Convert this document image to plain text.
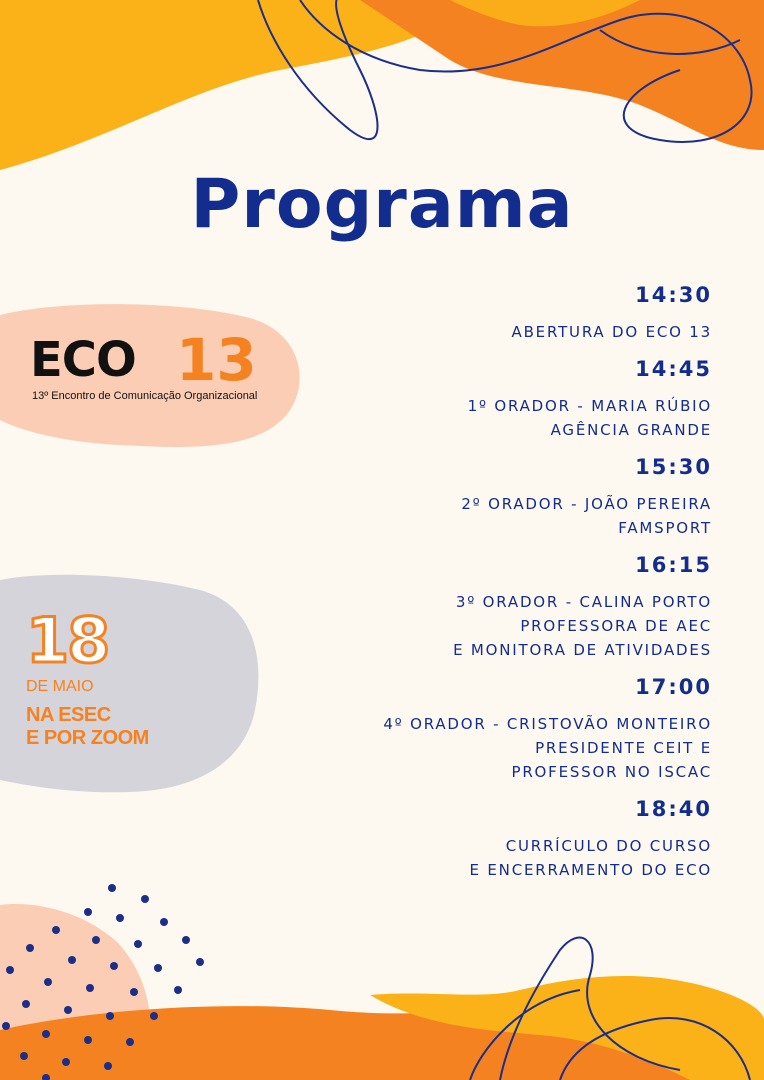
Programa
ECO 13
13º Encontro de Comunicação Organizacional
18
DE MAIO
NA ESEC
E POR ZOOM
14:30
ABERTURA DO ECO 13
14:45
1º ORADOR - MARIA RÚBIO
AGÊNCIA GRANDE
15:30
2º ORADOR - JOÃO PEREIRA
FAMSPORT
16:15
3º ORADOR - CALINA PORTO
PROFESSORA DE AEC
E MONITORA DE ATIVIDADES
17:00
4º ORADOR - CRISTOVÃO MONTEIRO
PRESIDENTE CEIT E
PROFESSOR NO ISCAC
18:40
CURRÍCULO DO CURSO
E ENCERRAMENTO DO ECO
